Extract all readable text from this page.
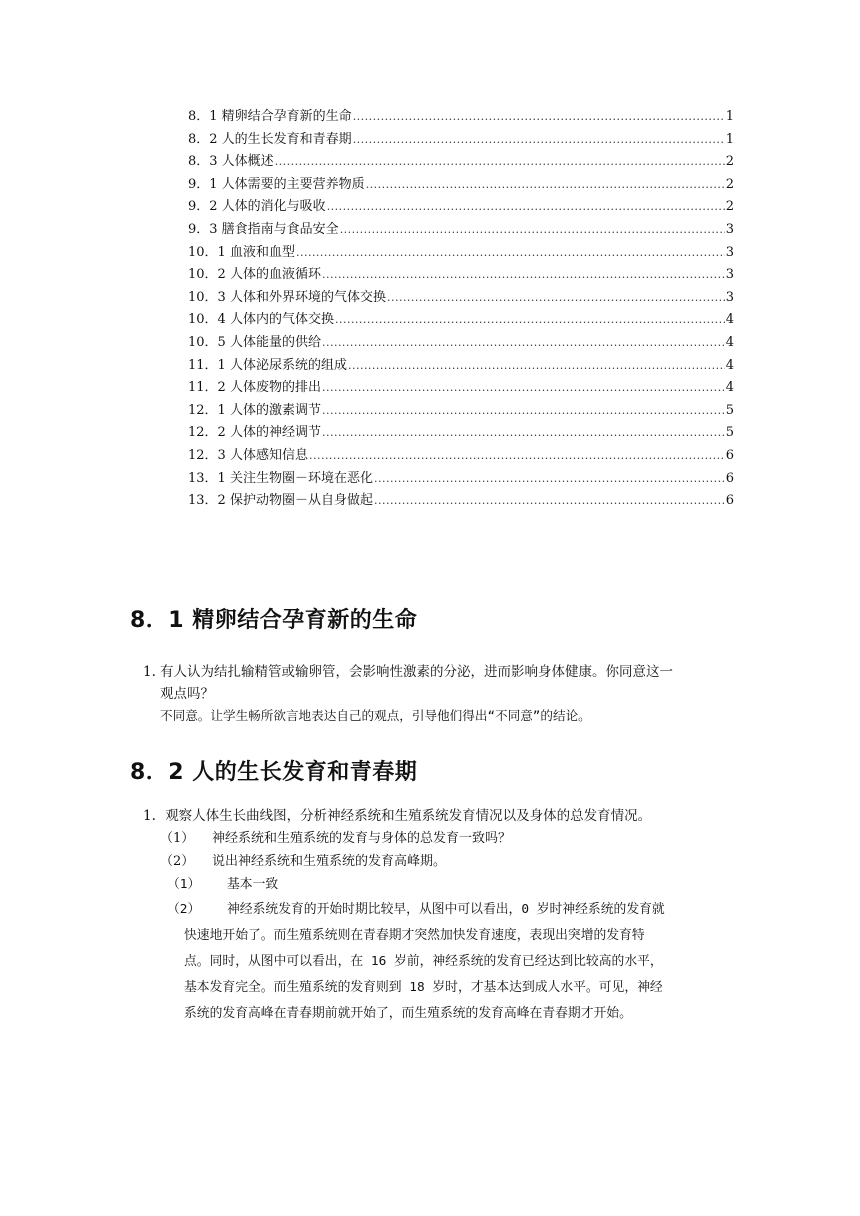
8．1 精卵结合孕育新的生命 .....	1
8．2 人的生长发育和青春期 .....	1
8．3 人体概述 .....	2
9．1 人体需要的主要营养物质 .....	2
9．2 人体的消化与吸收 .....	2
9．3 膳食指南与食品安全 .....	3
10．1 血液和血型 .....	3
10．2 人体的血液循环 .....	3
10．3 人体和外界环境的气体交换 .....	3
10．4 人体内的气体交换 .....	4
10．5 人体能量的供给 .....	4
11．1 人体泌尿系统的组成 .....	4
11．2 人体废物的排出 .....	4
12．1 人体的激素调节 .....	5
12．2 人体的神经调节 .....	5
12．3 人体感知信息 .....	6
13．1 关注生物圈－环境在恶化 .....	6
13．2 保护动物圈－从自身做起 .....	6
8．1 精卵结合孕育新的生命
1. 有人认为结扎输精管或输卵管，会影响性激素的分泌，进而影响身体健康。你同意这一
观点吗？
不同意。让学生畅所欲言地表达自己的观点，引导他们得出“不同意”的结论。
8．2 人的生长发育和青春期
1. 观察人体生长曲线图，分析神经系统和生殖系统发育情况以及身体的总发育情况。
（1） 神经系统和生殖系统的发育与身体的总发育一致吗？
（2） 说出神经系统和生殖系统的发育高峰期。
（1） 基本一致
（2） 神经系统发育的开始时期比较早，从图中可以看出，0 岁时神经系统的发育就
快速地开始了。而生殖系统则在青春期才突然加快发育速度，表现出突增的发育特
点。同时，从图中可以看出，在 16 岁前，神经系统的发育已经达到比较高的水平，
基本发育完全。而生殖系统的发育则到 18 岁时，才基本达到成人水平。可见，神经
系统的发育高峰在青春期前就开始了，而生殖系统的发育高峰在青春期才开始。
